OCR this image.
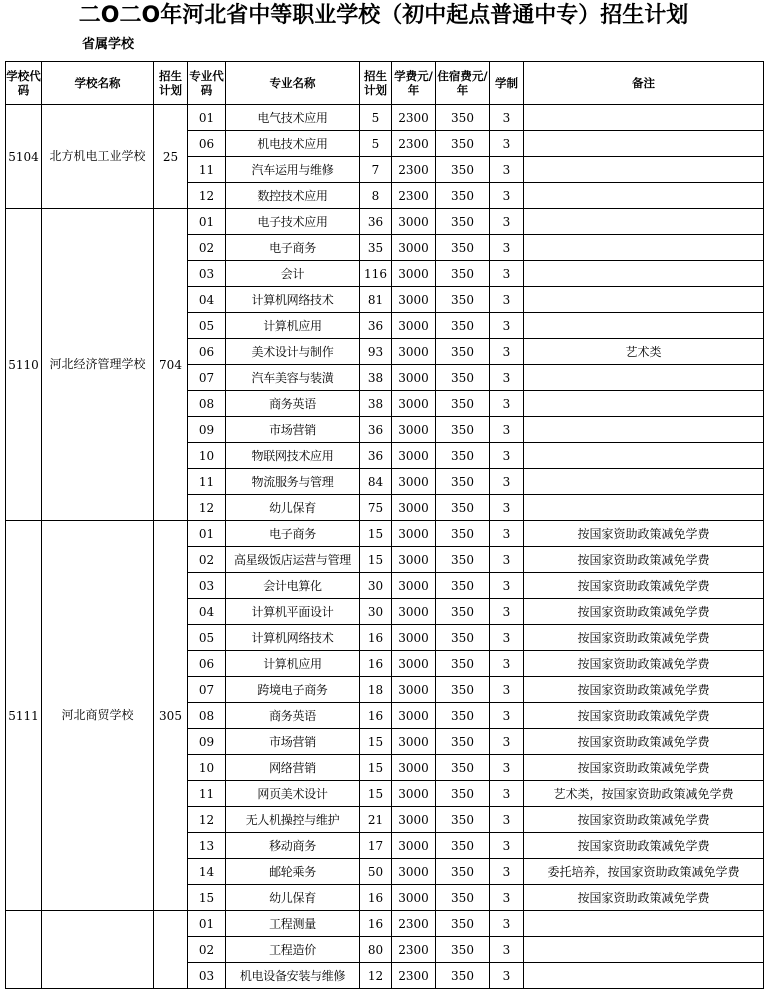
二O二O年河北省中等职业学校（初中起点普通中专）招生计划
省属学校
学校代码	学校名称	招生计划	专业代码	专业名称	招生计划	学费元/年	住宿费元/年	学制	备注
5104	北方机电工业学校	25	01	电气技术应用	5	2300	350	3	
			06	机电技术应用	5	2300	350	3	
			11	汽车运用与维修	7	2300	350	3	
			12	数控技术应用	8	2300	350	3	
5110	河北经济管理学校	704	01	电子技术应用	36	3000	350	3	
			02	电子商务	35	3000	350	3	
			03	会计	116	3000	350	3	
			04	计算机网络技术	81	3000	350	3	
			05	计算机应用	36	3000	350	3	
			06	美术设计与制作	93	3000	350	3	艺术类
			07	汽车美容与装潢	38	3000	350	3	
			08	商务英语	38	3000	350	3	
			09	市场营销	36	3000	350	3	
			10	物联网技术应用	36	3000	350	3	
			11	物流服务与管理	84	3000	350	3	
			12	幼儿保育	75	3000	350	3	
5111	河北商贸学校	305	01	电子商务	15	3000	350	3	按国家资助政策减免学费
			02	高星级饭店运营与管理	15	3000	350	3	按国家资助政策减免学费
			03	会计电算化	30	3000	350	3	按国家资助政策减免学费
			04	计算机平面设计	30	3000	350	3	按国家资助政策减免学费
			05	计算机网络技术	16	3000	350	3	按国家资助政策减免学费
			06	计算机应用	16	3000	350	3	按国家资助政策减免学费
			07	跨境电子商务	18	3000	350	3	按国家资助政策减免学费
			08	商务英语	16	3000	350	3	按国家资助政策减免学费
			09	市场营销	15	3000	350	3	按国家资助政策减免学费
			10	网络营销	15	3000	350	3	按国家资助政策减免学费
			11	网页美术设计	15	3000	350	3	艺术类，按国家资助政策减免学费
			12	无人机操控与维护	21	3000	350	3	按国家资助政策减免学费
			13	移动商务	17	3000	350	3	按国家资助政策减免学费
			14	邮轮乘务	50	3000	350	3	委托培养，按国家资助政策减免学费
			15	幼儿保育	16	3000	350	3	按国家资助政策减免学费
			01	工程测量	16	2300	350	3	
			02	工程造价	80	2300	350	3	
			03	机电设备安装与维修	12	2300	350	3	
